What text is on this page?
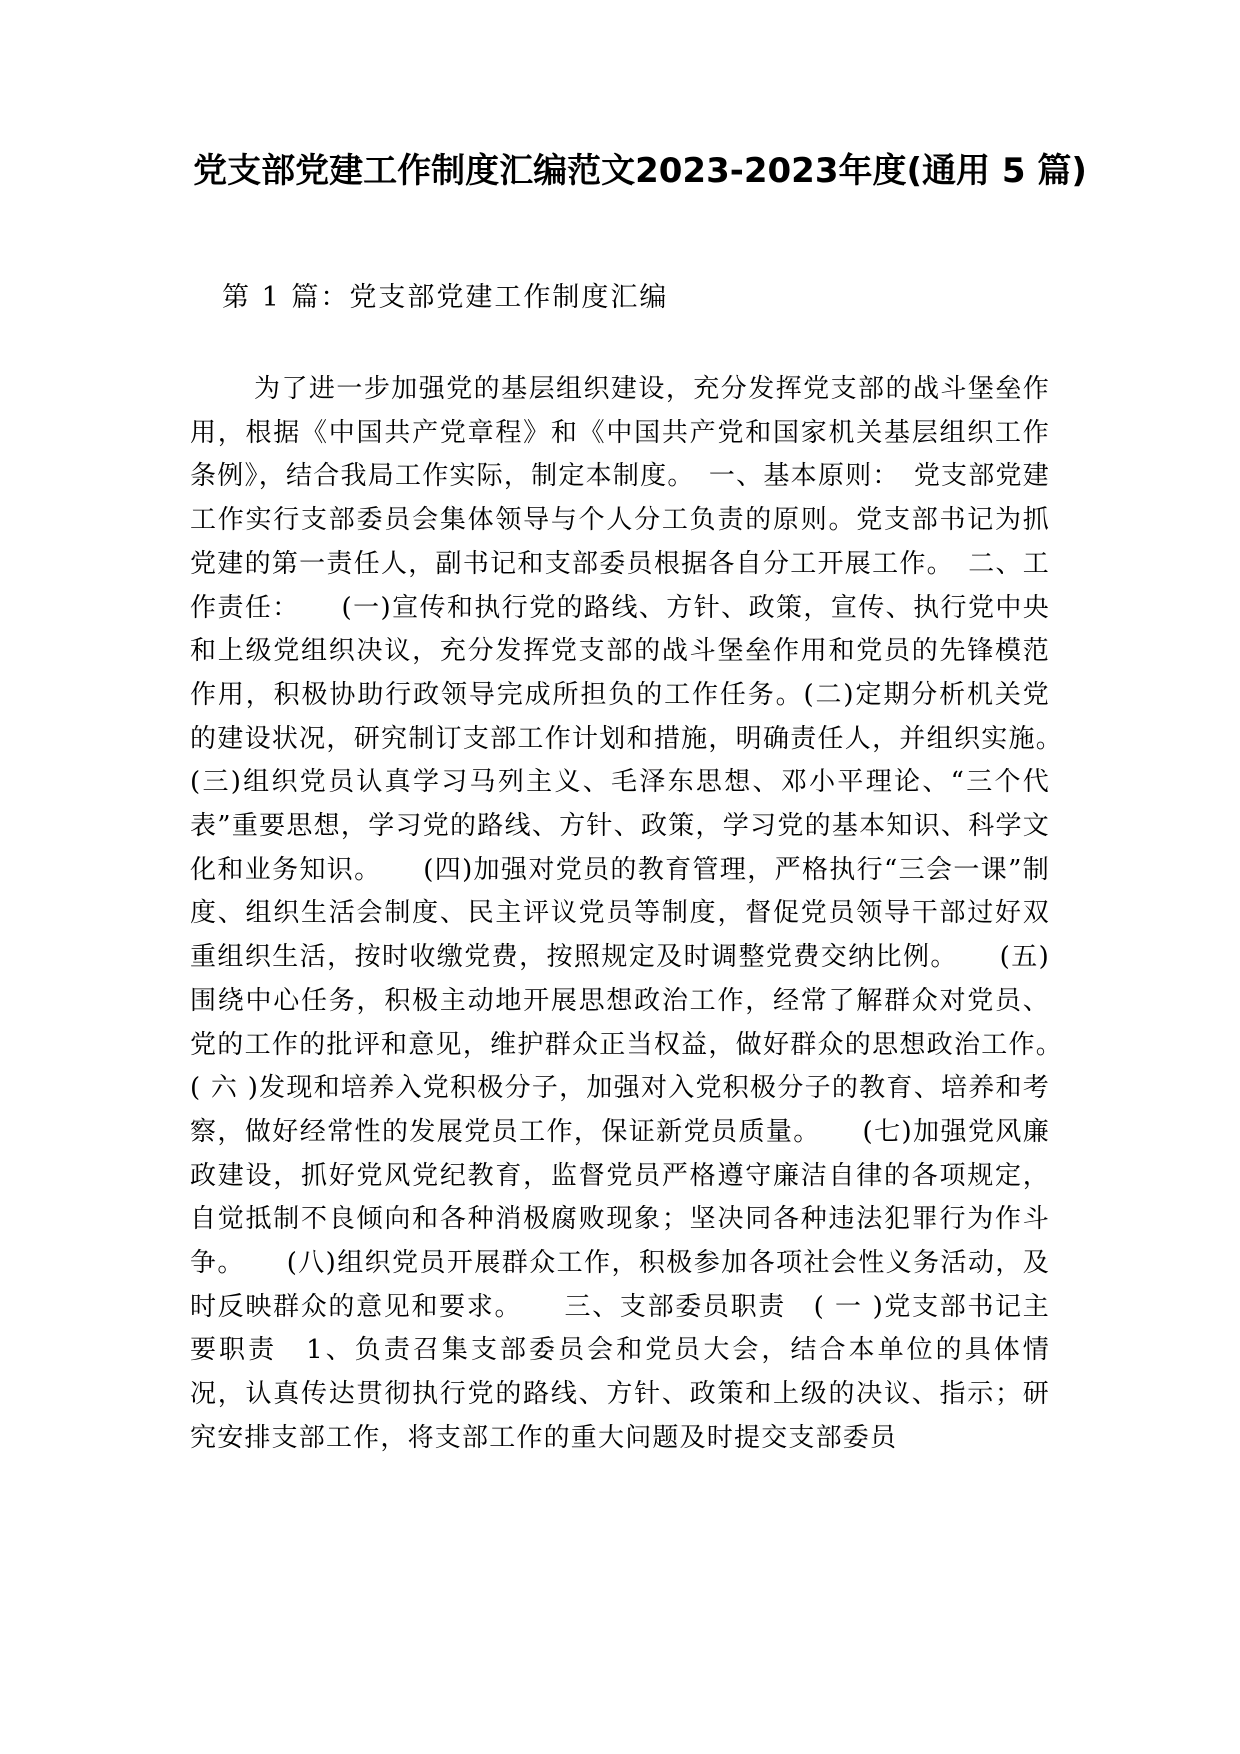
党支部党建工作制度汇编范文2023-2023年度(通用 5 篇)

第 1 篇：党支部党建工作制度汇编

为了进一步加强党的基层组织建设，充分发挥党支部的战斗堡垒作用，根据《中国共产党章程》和《中国共产党和国家机关基层组织工作条例》，结合我局工作实际，制定本制度。　一、基本原则：　党支部党建工作实行支部委员会集体领导与个人分工负责的原则。党支部书记为抓党建的第一责任人，副书记和支部委员根据各自分工开展工作。　二、工作责任：　　(一)宣传和执行党的路线、方针、政策，宣传、执行党中央和上级党组织决议，充分发挥党支部的战斗堡垒作用和党员的先锋模范作用，积极协助行政领导完成所担负的工作任务。(二)定期分析机关党的建设状况，研究制订支部工作计划和措施，明确责任人，并组织实施。　　(三)组织党员认真学习马列主义、毛泽东思想、邓小平理论、“三个代表”重要思想，学习党的路线、方针、政策，学习党的基本知识、科学文化和业务知识。　　(四)加强对党员的教育管理，严格执行“三会一课”制度、组织生活会制度、民主评议党员等制度，督促党员领导干部过好双重组织生活，按时收缴党费，按照规定及时调整党费交纳比例。　　(五)围绕中心任务，积极主动地开展思想政治工作，经常了解群众对党员、党的工作的批评和意见，维护群众正当权益，做好群众的思想政治工作。　　( 六 )发现和培养入党积极分子，加强对入党积极分子的教育、培养和考察，做好经常性的发展党员工作，保证新党员质量。　　(七)加强党风廉政建设，抓好党风党纪教育，监督党员严格遵守廉洁自律的各项规定，自觉抵制不良倾向和各种消极腐败现象；坚决同各种违法犯罪行为作斗争。　　(八)组织党员开展群众工作，积极参加各项社会性义务活动，及时反映群众的意见和要求。　　三、支部委员职责　( 一 )党支部书记主要职责　1、负责召集支部委员会和党员大会，结合本单位的具体情况，认真传达贯彻执行党的路线、方针、政策和上级的决议、指示；研究安排支部工作，将支部工作的重大问题及时提交支部委员
